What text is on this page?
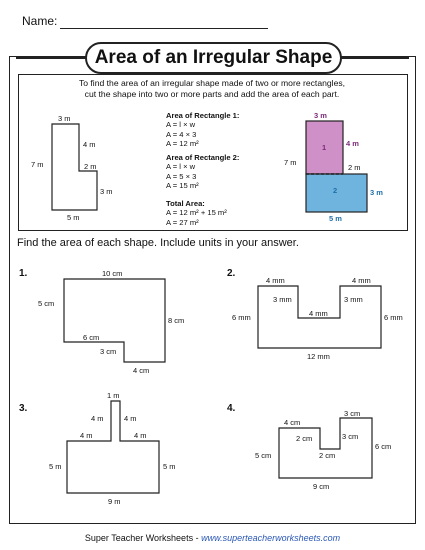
Name:
Area of an Irregular Shape
To find the area of an irregular shape made of two or more rectangles,
cut the shape into two or more parts and add the area of each part.
Area of Rectangle 1:
A = l × w
A = 4 × 3
A = 12 m²
Area of Rectangle 2:
A = l × w
A = 5 × 3
A = 15 m²
Total Area:
A = 12 m² + 15 m²
A = 27 m²
Find the area of each shape. Include units in your answer.
3 m
4 m
7 m	2 m
3 m
5 m
3 m
1	4 m
7 m
2 m
2	3 m
5 m
1.	10 cm
5 cm
8 cm
6 cm
3 cm
4 cm
2.
4 mm	4 mm
3 mm	3 mm
4 mm
6 mm	6 mm
12 mm
3.
1 m
4 m	4 m
4 m	4 m
5 m	5 m
9 m
4.
4 cm
2 cm
2 cm
3 cm
3 cm
6 cm
5 cm
9 cm
Super Teacher Worksheets - www.superteacherworksheets.com
